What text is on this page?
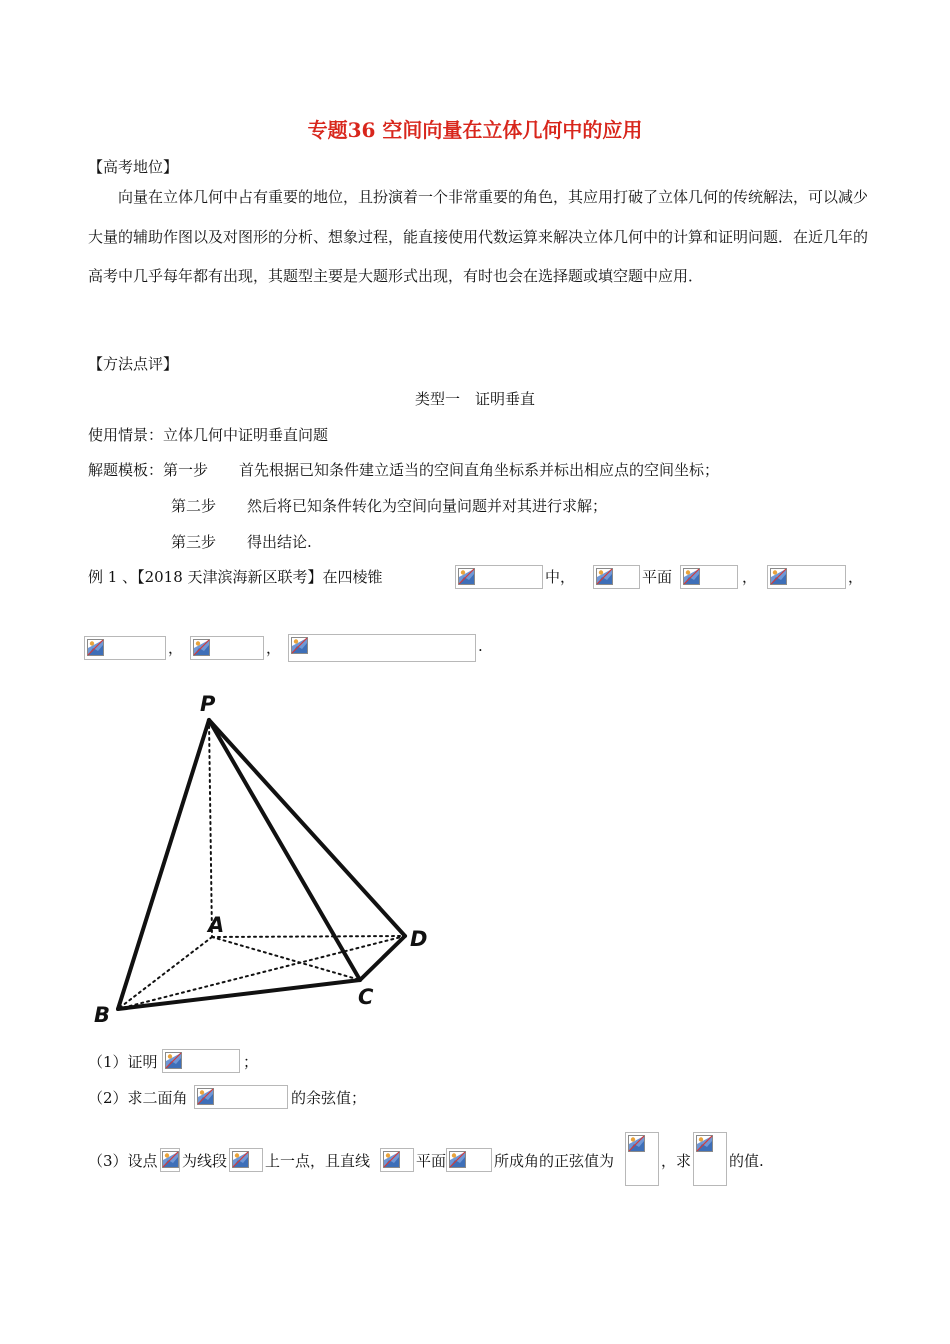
专题36 空间向量在立体几何中的应用
【高考地位】
向量在立体几何中占有重要的地位，且扮演着一个非常重要的角色，其应用打破了立体几何的传统解法，可以减少大量的辅助作图以及对图形的分析、想象过程，能直接使用代数运算来解决立体几何中的计算和证明问题．在近几年的高考中几乎每年都有出现，其题型主要是大题形式出现，有时也会在选择题或填空题中应用．
【方法点评】
类型一　证明垂直
使用情景：立体几何中证明垂直问题
解题模板：第一步 首先根据已知条件建立适当的空间直角坐标系并标出相应点的空间坐标；
第二步 然后将已知条件转化为空间向量问题并对其进行求解；
第三步 得出结论.
例 1 、【2018 天津滨海新区联考】在四棱锥	中，	平面	，	，
，	，	.
P
A
B
C
D
（1）证明	；
（2）求二面角	的余弦值；
（3）设点 为线段	上一点，且直线	平面	所成角的正弦值为	，求	的值.
